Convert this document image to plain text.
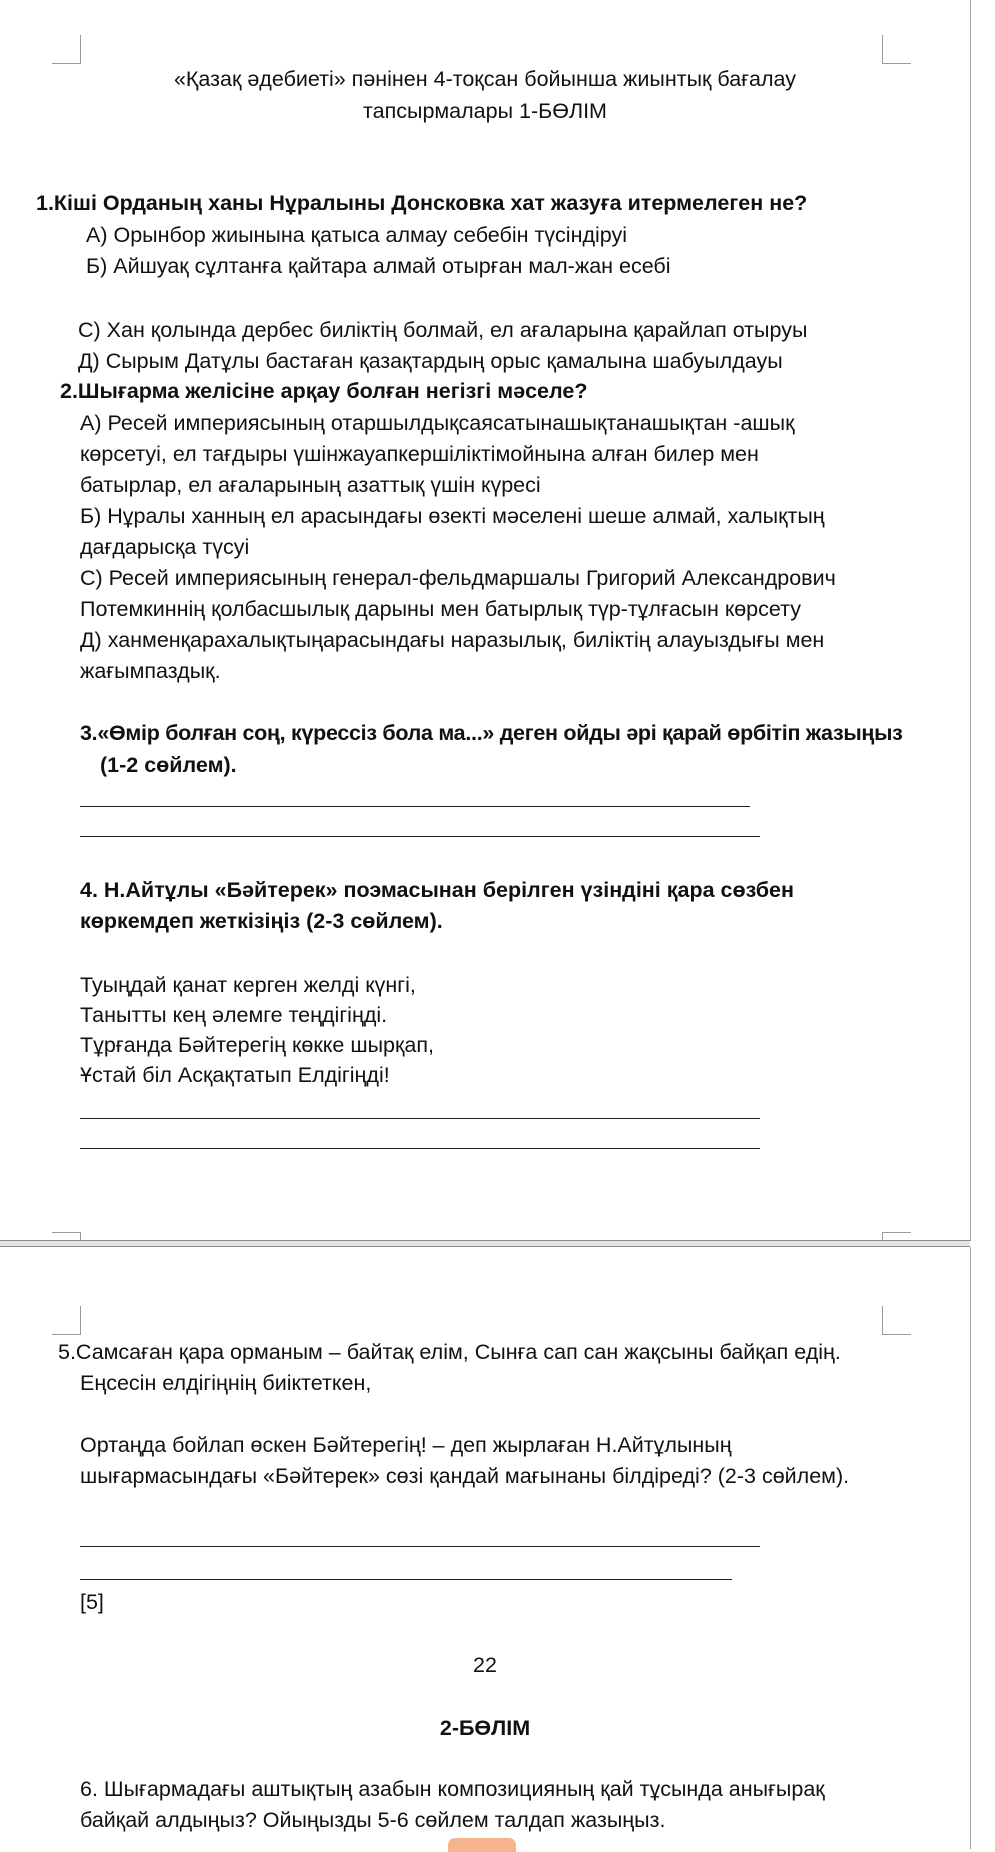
«Қазақ әдебиеті» пәнінен 4-тоқсан бойынша жиынтық бағалау
тапсырмалары 1-БӨЛІМ
1.Кіші Орданың ханы Нұралыны Донсковка хат жазуға итермелеген не?
А) Орынбор жиынына қатыса алмау себебін түсіндіруі
Б) Айшуақ сұлтанға қайтара алмай отырған мал-жан есебі
С) Хан қолында дербес биліктің болмай, ел ағаларына қарайлап отыруы
Д) Сырым Датұлы бастаған қазақтардың орыс қамалына шабуылдауы
2.Шығарма желісіне арқау болған негізгі мәселе?
А) Ресей империясының отаршылдықсаясатынашықтанашықтан -ашық
көрсетуі, ел тағдыры үшінжауапкершіліктімойнына алған билер мен
батырлар, ел ағаларының азаттық үшін күресі
Б) Нұралы ханның ел арасындағы өзекті мәселені шеше алмай, халықтың
дағдарысқа түсуі
С) Ресей империясының генерал-фельдмаршалы Григорий Александрович
Потемкиннің қолбасшылық дарыны мен батырлық түр-тұлғасын көрсету
Д) ханменқарахалықтыңарасындағы наразылық, биліктің алауыздығы мен
жағымпаздық.
3.«Өмір болған соң, күрессіз бола ма...» деген ойды әрі қарай өрбітіп жазыңыз
(1-2 сөйлем).
4. Н.Айтұлы «Бәйтерек» поэмасынан берілген үзіндіні қара сөзбен
көркемдеп жеткізіңіз (2-3 сөйлем).
Туыңдай қанат керген желді күнгі,
Танытты кең әлемге теңдігіңді.
Тұрғанда Бәйтерегің көкке шырқап,
Ұстай біл Асқақтатып Елдігіңді!
5.Самсаған қара орманым – байтақ елім, Сынға сап сан жақсыны байқап едің.
Еңсесін елдігіңнің биіктеткен,
Ортаңда бойлап өскен Бәйтерегің! – деп жырлаған Н.Айтұлының
шығармасындағы «Бәйтерек» сөзі қандай мағынаны білдіреді? (2-3 сөйлем).
[5]
22
2-БӨЛІМ
6. Шығармадағы аштықтың азабын композицияның қай тұсында анығырақ
байқай алдыңыз? Ойыңызды 5-6 сөйлем талдап жазыңыз.
